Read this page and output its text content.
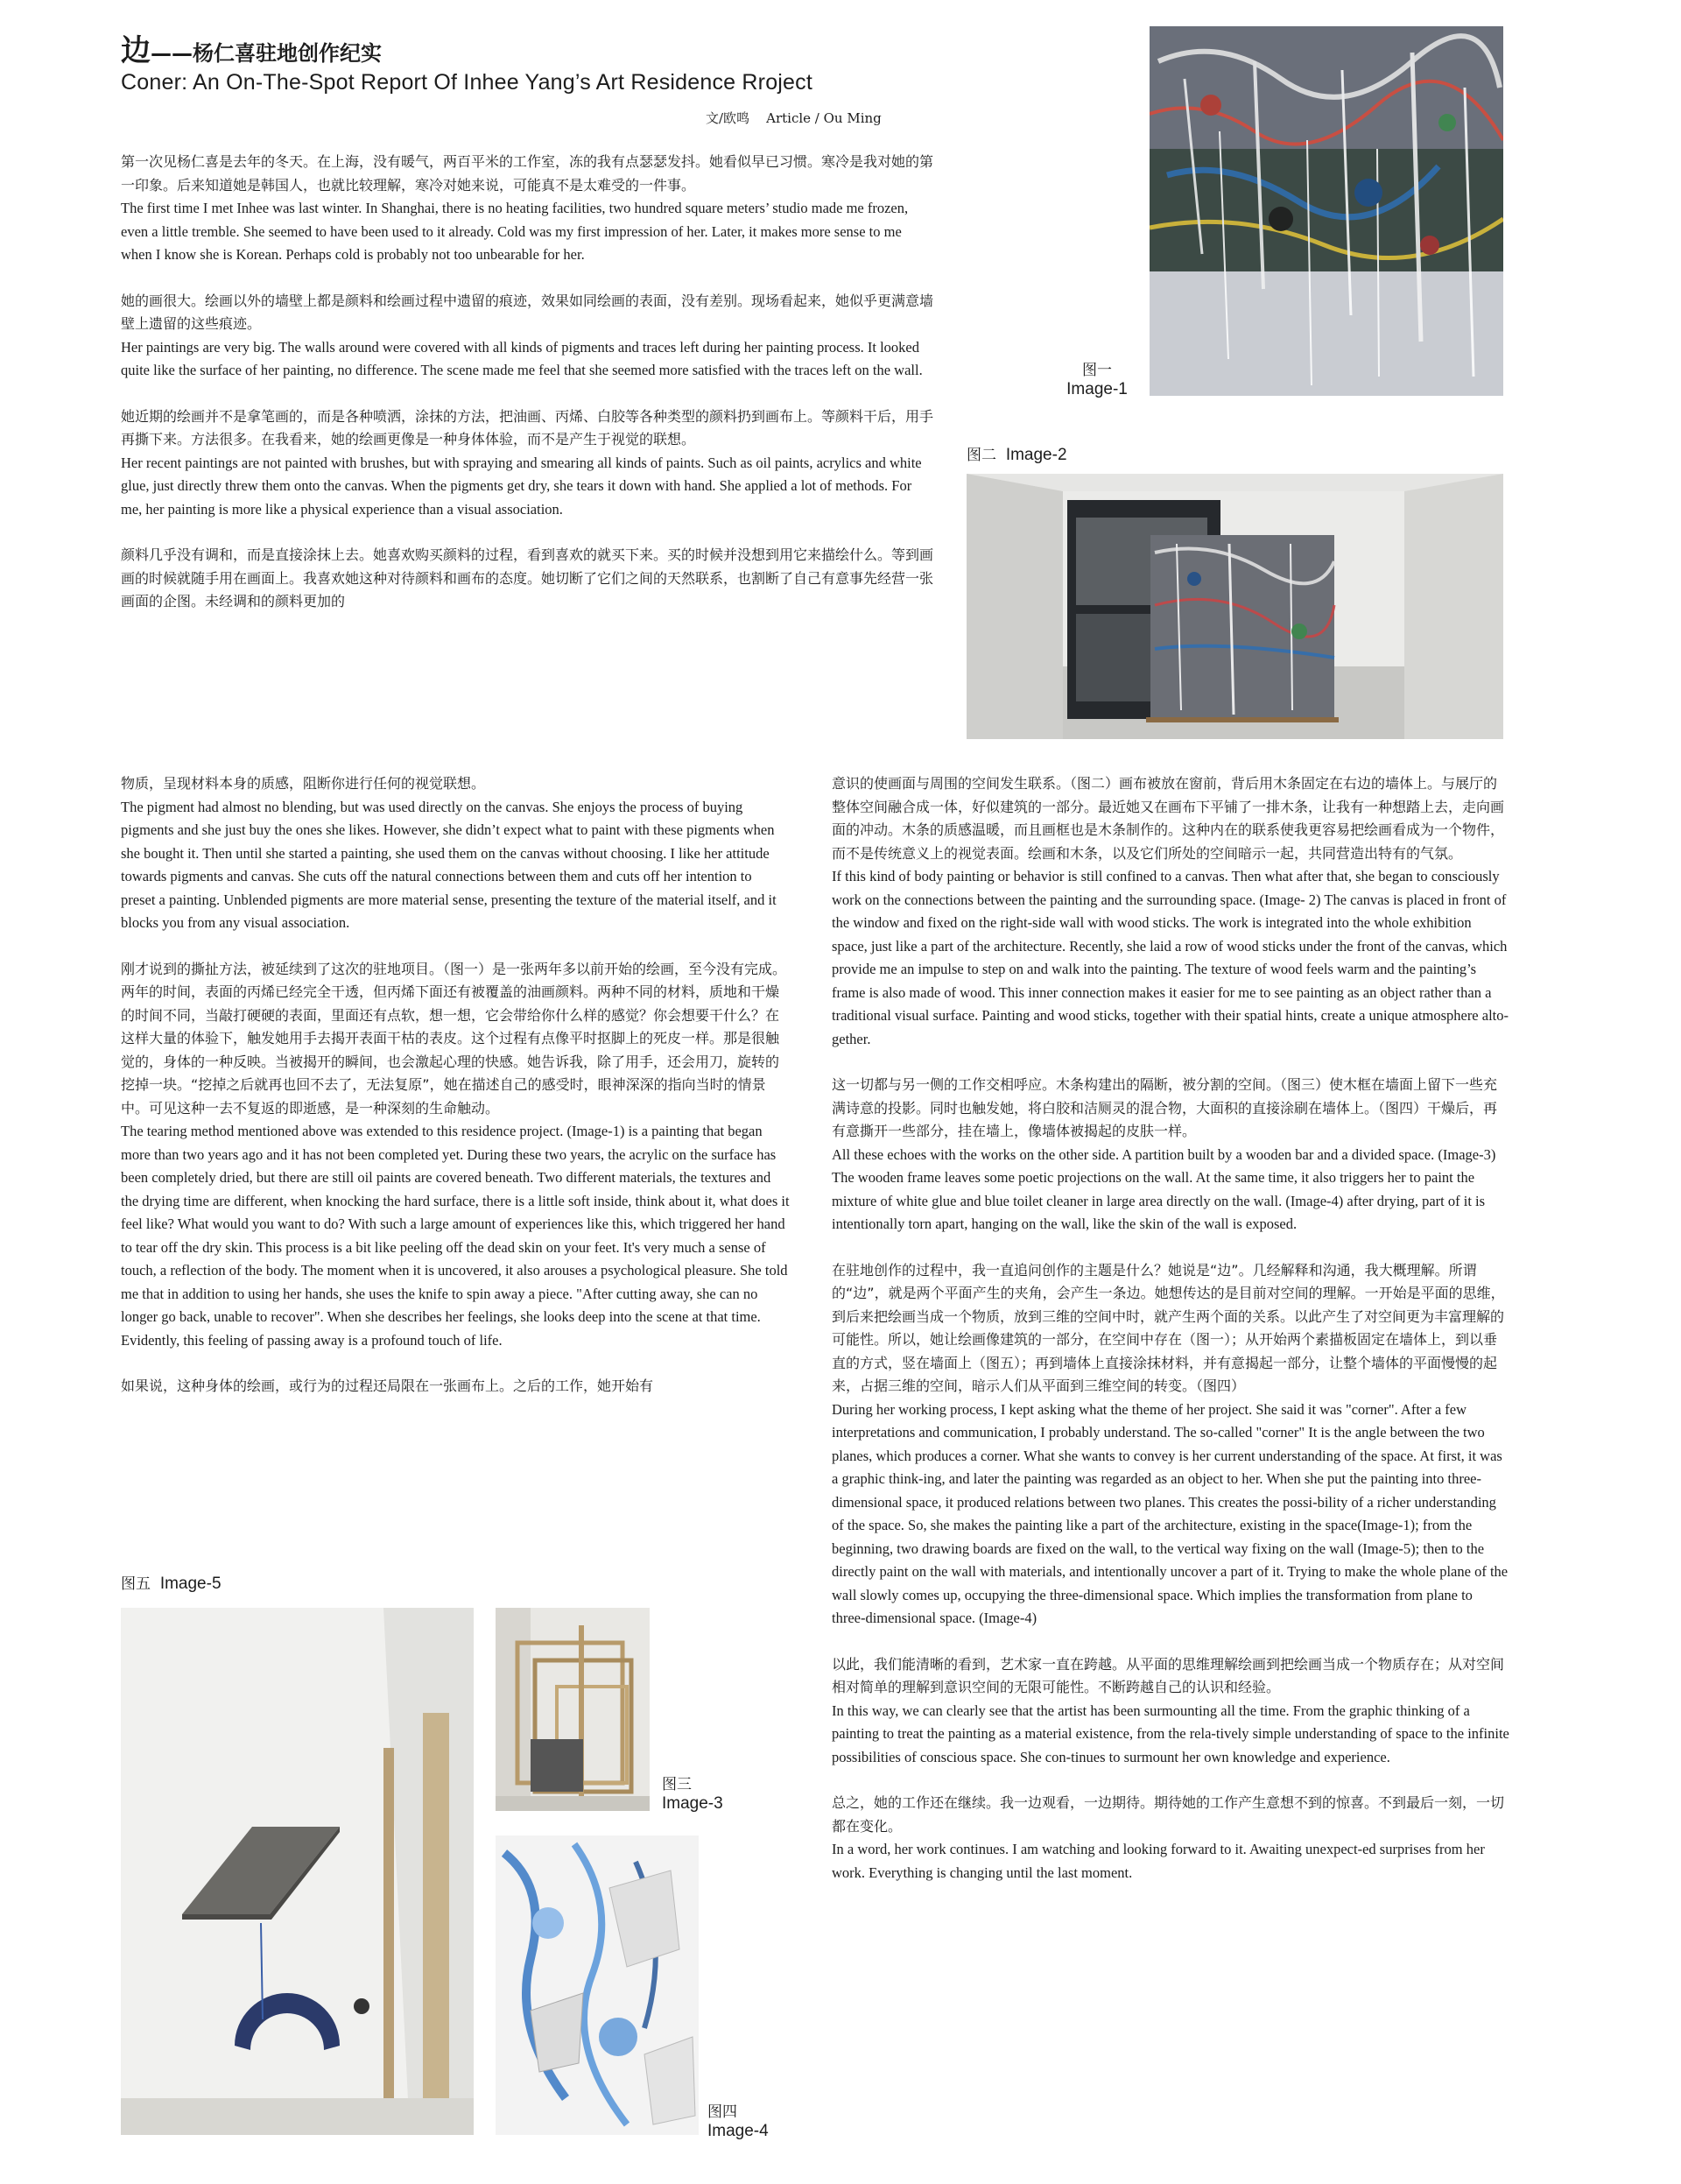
边——杨仁喜驻地创作纪实
Coner: An On-The-Spot Report Of Inhee Yang’s Art Residence Rroject
文/欧鸣 Article / Ou Ming

第一次见杨仁喜是去年的冬天。在上海，没有暖气，两百平米的工作室，冻的我有点瑟瑟发抖。她看似早已习惯。寒冷是我对她的第一印象。后来知道她是韩国人，也就比较理解，寒冷对她来说，可能真不是太难受的一件事。
The first time I met Inhee was last winter. In Shanghai, there is no heating facilities, two hundred square meters’ studio made me frozen, even a little tremble. She seemed to have been used to it already. Cold was my first impression of her. Later, it makes more sense to me when I know she is Korean. Perhaps cold is probably not too unbearable for her.

她的画很大。绘画以外的墙壁上都是颜料和绘画过程中遗留的痕迹，效果如同绘画的表面，没有差别。现场看起来，她似乎更满意墙壁上遗留的这些痕迹。
Her paintings are very big. The walls around were covered with all kinds of pigments and traces left during her painting process. It looked quite like the surface of her painting, no difference. The scene made me feel that she seemed more satisfied with the traces left on the wall.

她近期的绘画并不是拿笔画的，而是各种喷洒，涂抹的方法，把油画、丙烯、白胶等各种类型的颜料扔到画布上。等颜料干后，用手再撕下来。方法很多。在我看来，她的绘画更像是一种身体体验，而不是产生于视觉的联想。
Her recent paintings are not painted with brushes, but with spraying and smearing all kinds of paints. Such as oil paints, acrylics and white glue, just directly threw them onto the canvas. When the pigments get dry, she tears it down with hand. She applied a lot of methods. For me, her painting is more like a physical experience than a visual association.

颜料几乎没有调和，而是直接涂抹上去。她喜欢购买颜料的过程，看到喜欢的就买下来。买的时候并没想到用它来描绘什么。等到画画的时候就随手用在画面上。我喜欢她这种对待颜料和画布的态度。她切断了它们之间的天然联系，也割断了自己有意事先经营一张画面的企图。未经调和的颜料更加的

图一
Image-1
图二 Image-2

物质，呈现材料本身的质感，阻断你进行任何的视觉联想。
The pigment had almost no blending, but was used directly on the canvas. She enjoys the process of buying pigments and she just buy the ones she likes. However, she didn’t expect what to paint with these pigments when she bought it. Then until she started a painting, she used them on the canvas without choosing. I like her attitude towards pigments and canvas. She cuts off the natural connections between them and cuts off her intention to preset a painting. Unblended pigments are more material sense, presenting the texture of the material itself, and it blocks you from any visual association.

刚才说到的撕扯方法，被延续到了这次的驻地项目。（图一）是一张两年多以前开始的绘画，至今没有完成。两年的时间，表面的丙烯已经完全干透，但丙烯下面还有被覆盖的油画颜料。两种不同的材料，质地和干燥的时间不同，当敲打硬硬的表面，里面还有点软，想一想，它会带给你什么样的感觉？你会想要干什么？在这样大量的体验下，触发她用手去揭开表面干枯的表皮。这个过程有点像平时抠脚上的死皮一样。那是很触觉的，身体的一种反映。当被揭开的瞬间，也会激起心理的快感。她告诉我，除了用手，还会用刀，旋转的挖掉一块。“挖掉之后就再也回不去了，无法复原”，她在描述自己的感受时，眼神深深的指向当时的情景中。可见这种一去不复返的即逝感，是一种深刻的生命触动。
The tearing method mentioned above was extended to this residence project. (Image-1) is a painting that began more than two years ago and it has not been completed yet. During these two years, the acrylic on the surface has been completely dried, but there are still oil paints are covered beneath. Two different materials, the textures and the drying time are different, when knocking the hard surface, there is a little soft inside, think about it, what does it feel like? What would you want to do? With such a large amount of experiences like this, which triggered her hand to tear off the dry skin. This process is a bit like peeling off the dead skin on your feet. It's very much a sense of touch, a reflection of the body. The moment when it is uncovered, it also arouses a psychological pleasure. She told me that in addition to using her hands, she uses the knife to spin away a piece. "After cutting away, she can no longer go back, unable to recover". When she describes her feelings, she looks deep into the scene at that time. Evidently, this feeling of passing away is a profound touch of life.

如果说，这种身体的绘画，或行为的过程还局限在一张画布上。之后的工作，她开始有

意识的使画面与周围的空间发生联系。（图二）画布被放在窗前，背后用木条固定在右边的墙体上。与展厅的整体空间融合成一体，好似建筑的一部分。最近她又在画布下平铺了一排木条，让我有一种想踏上去，走向画面的冲动。木条的质感温暖，而且画框也是木条制作的。这种内在的联系使我更容易把绘画看成为一个物件，而不是传统意义上的视觉表面。绘画和木条，以及它们所处的空间暗示一起，共同营造出特有的气氛。
If this kind of body painting or behavior is still confined to a canvas. Then what after that, she began to consciously work on the connections between the painting and the surrounding space. (Image- 2) The canvas is placed in front of the window and fixed on the right-side wall with wood sticks. The work is integrated into the whole exhibition space, just like a part of the architecture. Recently, she laid a row of wood sticks under the front of the canvas, which provide me an impulse to step on and walk into the painting. The texture of wood feels warm and the painting’s frame is also made of wood. This inner connection makes it easier for me to see painting as an object rather than a traditional visual surface. Painting and wood sticks, together with their spatial hints, create a unique atmosphere alto-gether.

这一切都与另一侧的工作交相呼应。木条构建出的隔断，被分割的空间。（图三）使木框在墙面上留下一些充满诗意的投影。同时也触发她，将白胶和洁厕灵的混合物，大面积的直接涂刷在墙体上。（图四）干燥后，再有意撕开一些部分，挂在墙上，像墙体被揭起的皮肤一样。
All these echoes with the works on the other side. A partition built by a wooden bar and a divided space. (Image-3) The wooden frame leaves some poetic projections on the wall. At the same time, it also triggers her to paint the mixture of white glue and blue toilet cleaner in large area directly on the wall. (Image-4) after drying, part of it is intentionally torn apart, hanging on the wall, like the skin of the wall is exposed.

在驻地创作的过程中，我一直追问创作的主题是什么？她说是“边”。几经解释和沟通，我大概理解。所谓的“边”，就是两个平面产生的夹角，会产生一条边。她想传达的是目前对空间的理解。一开始是平面的思维，到后来把绘画当成一个物质，放到三维的空间中时，就产生两个面的关系。以此产生了对空间更为丰富理解的可能性。所以，她让绘画像建筑的一部分，在空间中存在（图一）；从开始两个素描板固定在墙体上，到以垂直的方式，竖在墙面上（图五）；再到墙体上直接涂抹材料，并有意揭起一部分，让整个墙体的平面慢慢的起来，占据三维的空间，暗示人们从平面到三维空间的转变。（图四）
During her working process, I kept asking what the theme of her project. She said it was "corner". After a few interpretations and communication, I probably understand. The so-called "corner" It is the angle between the two planes, which produces a corner. What she wants to convey is her current understanding of the space. At first, it was a graphic think-ing, and later the painting was regarded as an object to her. When she put the painting into three-dimensional space, it produced relations between two planes. This creates the possi-bility of a richer understanding of the space. So, she makes the painting like a part of the architecture, existing in the space(Image-1); from the beginning, two drawing boards are fixed on the wall, to the vertical way fixing on the wall (Image-5); then to the directly paint on the wall with materials, and intentionally uncover a part of it. Trying to make the whole plane of the wall slowly comes up, occupying the three-dimensional space. Which implies the transformation from plane to three-dimensional space. (Image-4)

以此，我们能清晰的看到，艺术家一直在跨越。从平面的思维理解绘画到把绘画当成一个物质存在；从对空间相对简单的理解到意识空间的无限可能性。不断跨越自己的认识和经验。
In this way, we can clearly see that the artist has been surmounting all the time. From the graphic thinking of a painting to treat the painting as a material existence, from the rela-tively simple understanding of space to the infinite possibilities of conscious space. She con-tinues to surmount her own knowledge and experience.

总之，她的工作还在继续。我一边观看，一边期待。期待她的工作产生意想不到的惊喜。不到最后一刻，一切都在变化。
In a word, her work continues. I am watching and looking forward to it. Awaiting unexpect-ed surprises from her work. Everything is changing until the last moment.

图五 Image-5
图三
Image-3
图四
Image-4
